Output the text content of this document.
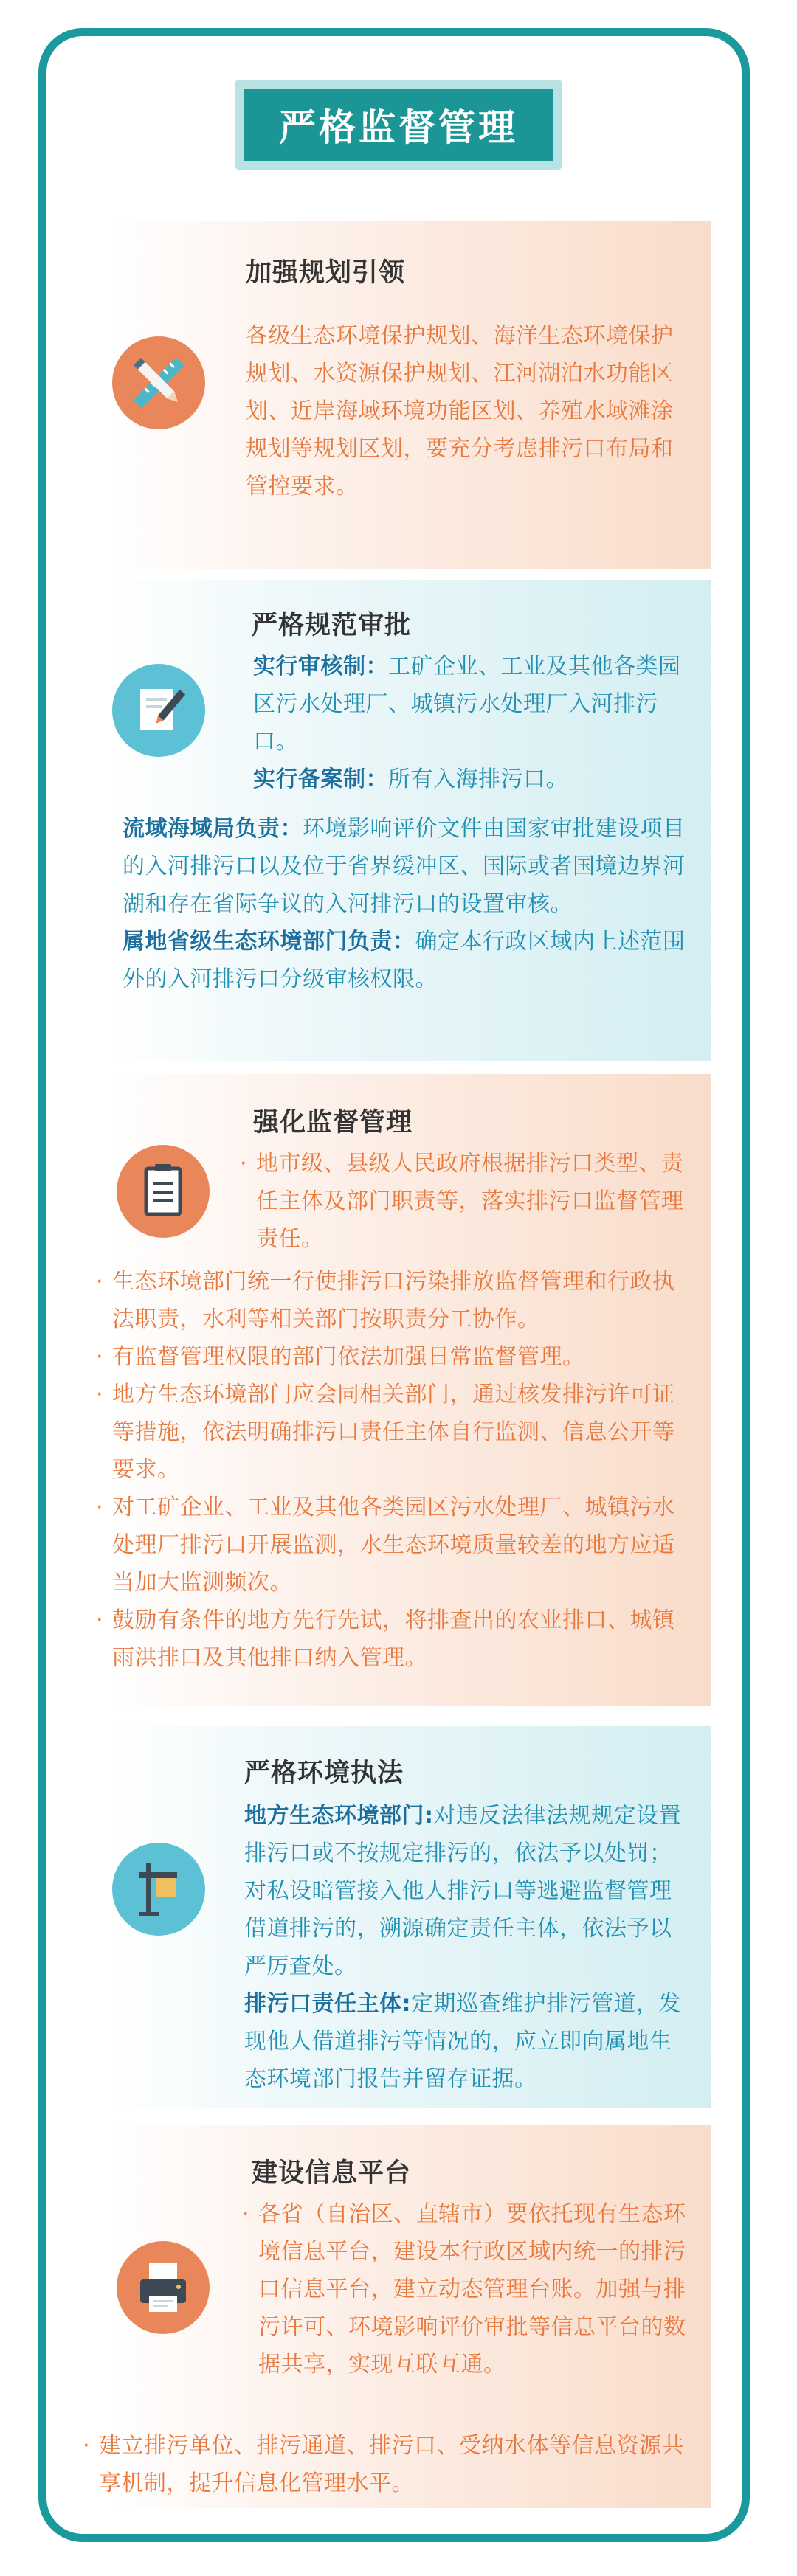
严格监督管理
加强规划引领
各级生态环境保护规划、海洋生态环境保护规划、水资源保护规划、江河湖泊水功能区划、近岸海域环境功能区划、养殖水域滩涂规划等规划区划，要充分考虑排污口布局和管控要求。
严格规范审批

实行审核制：工矿企业、工业及其他各类园区污水处理厂、城镇污水处理厂入河排污口。

实行备案制：所有入海排污口。

流域海域局负责：环境影响评价文件由国家审批建设项目的入河排污口以及位于省界缓冲区、国际或者国境边界河湖和存在省际争议的入河排污口的设置审核。

属地省级生态环境部门负责：确定本行政区域内上述范围外的入河排污口分级审核权限。

强化监督管理

· 地市级、县级人民政府根据排污口类型、责任主体及部门职责等，落实排污口监督管理责任。

· 生态环境部门统一行使排污口污染排放监督管理和行政执法职责，水利等相关部门按职责分工协作。

· 有监督管理权限的部门依法加强日常监督管理。

· 地方生态环境部门应会同相关部门，通过核发排污许可证等措施，依法明确排污口责任主体自行监测、信息公开等要求。

· 对工矿企业、工业及其他各类园区污水处理厂、城镇污水处理厂排污口开展监测，水生态环境质量较差的地方应适当加大监测频次。

· 鼓励有条件的地方先行先试，将排查出的农业排口、城镇雨洪排口及其他排口纳入管理。

严格环境执法

地方生态环境部门:对违反法律法规规定设置排污口或不按规定排污的，依法予以处罚；对私设暗管接入他人排污口等逃避监督管理借道排污的，溯源确定责任主体，依法予以严厉查处。

排污口责任主体:定期巡查维护排污管道，发现他人借道排污等情况的，应立即向属地生态环境部门报告并留存证据。

建设信息平台

· 各省（自治区、直辖市）要依托现有生态环境信息平台，建设本行政区域内统一的排污口信息平台，建立动态管理台账。加强与排污许可、环境影响评价审批等信息平台的数据共享，实现互联互通。

· 建立排污单位、排污通道、排污口、受纳水体等信息资源共享机制，提升信息化管理水平。
